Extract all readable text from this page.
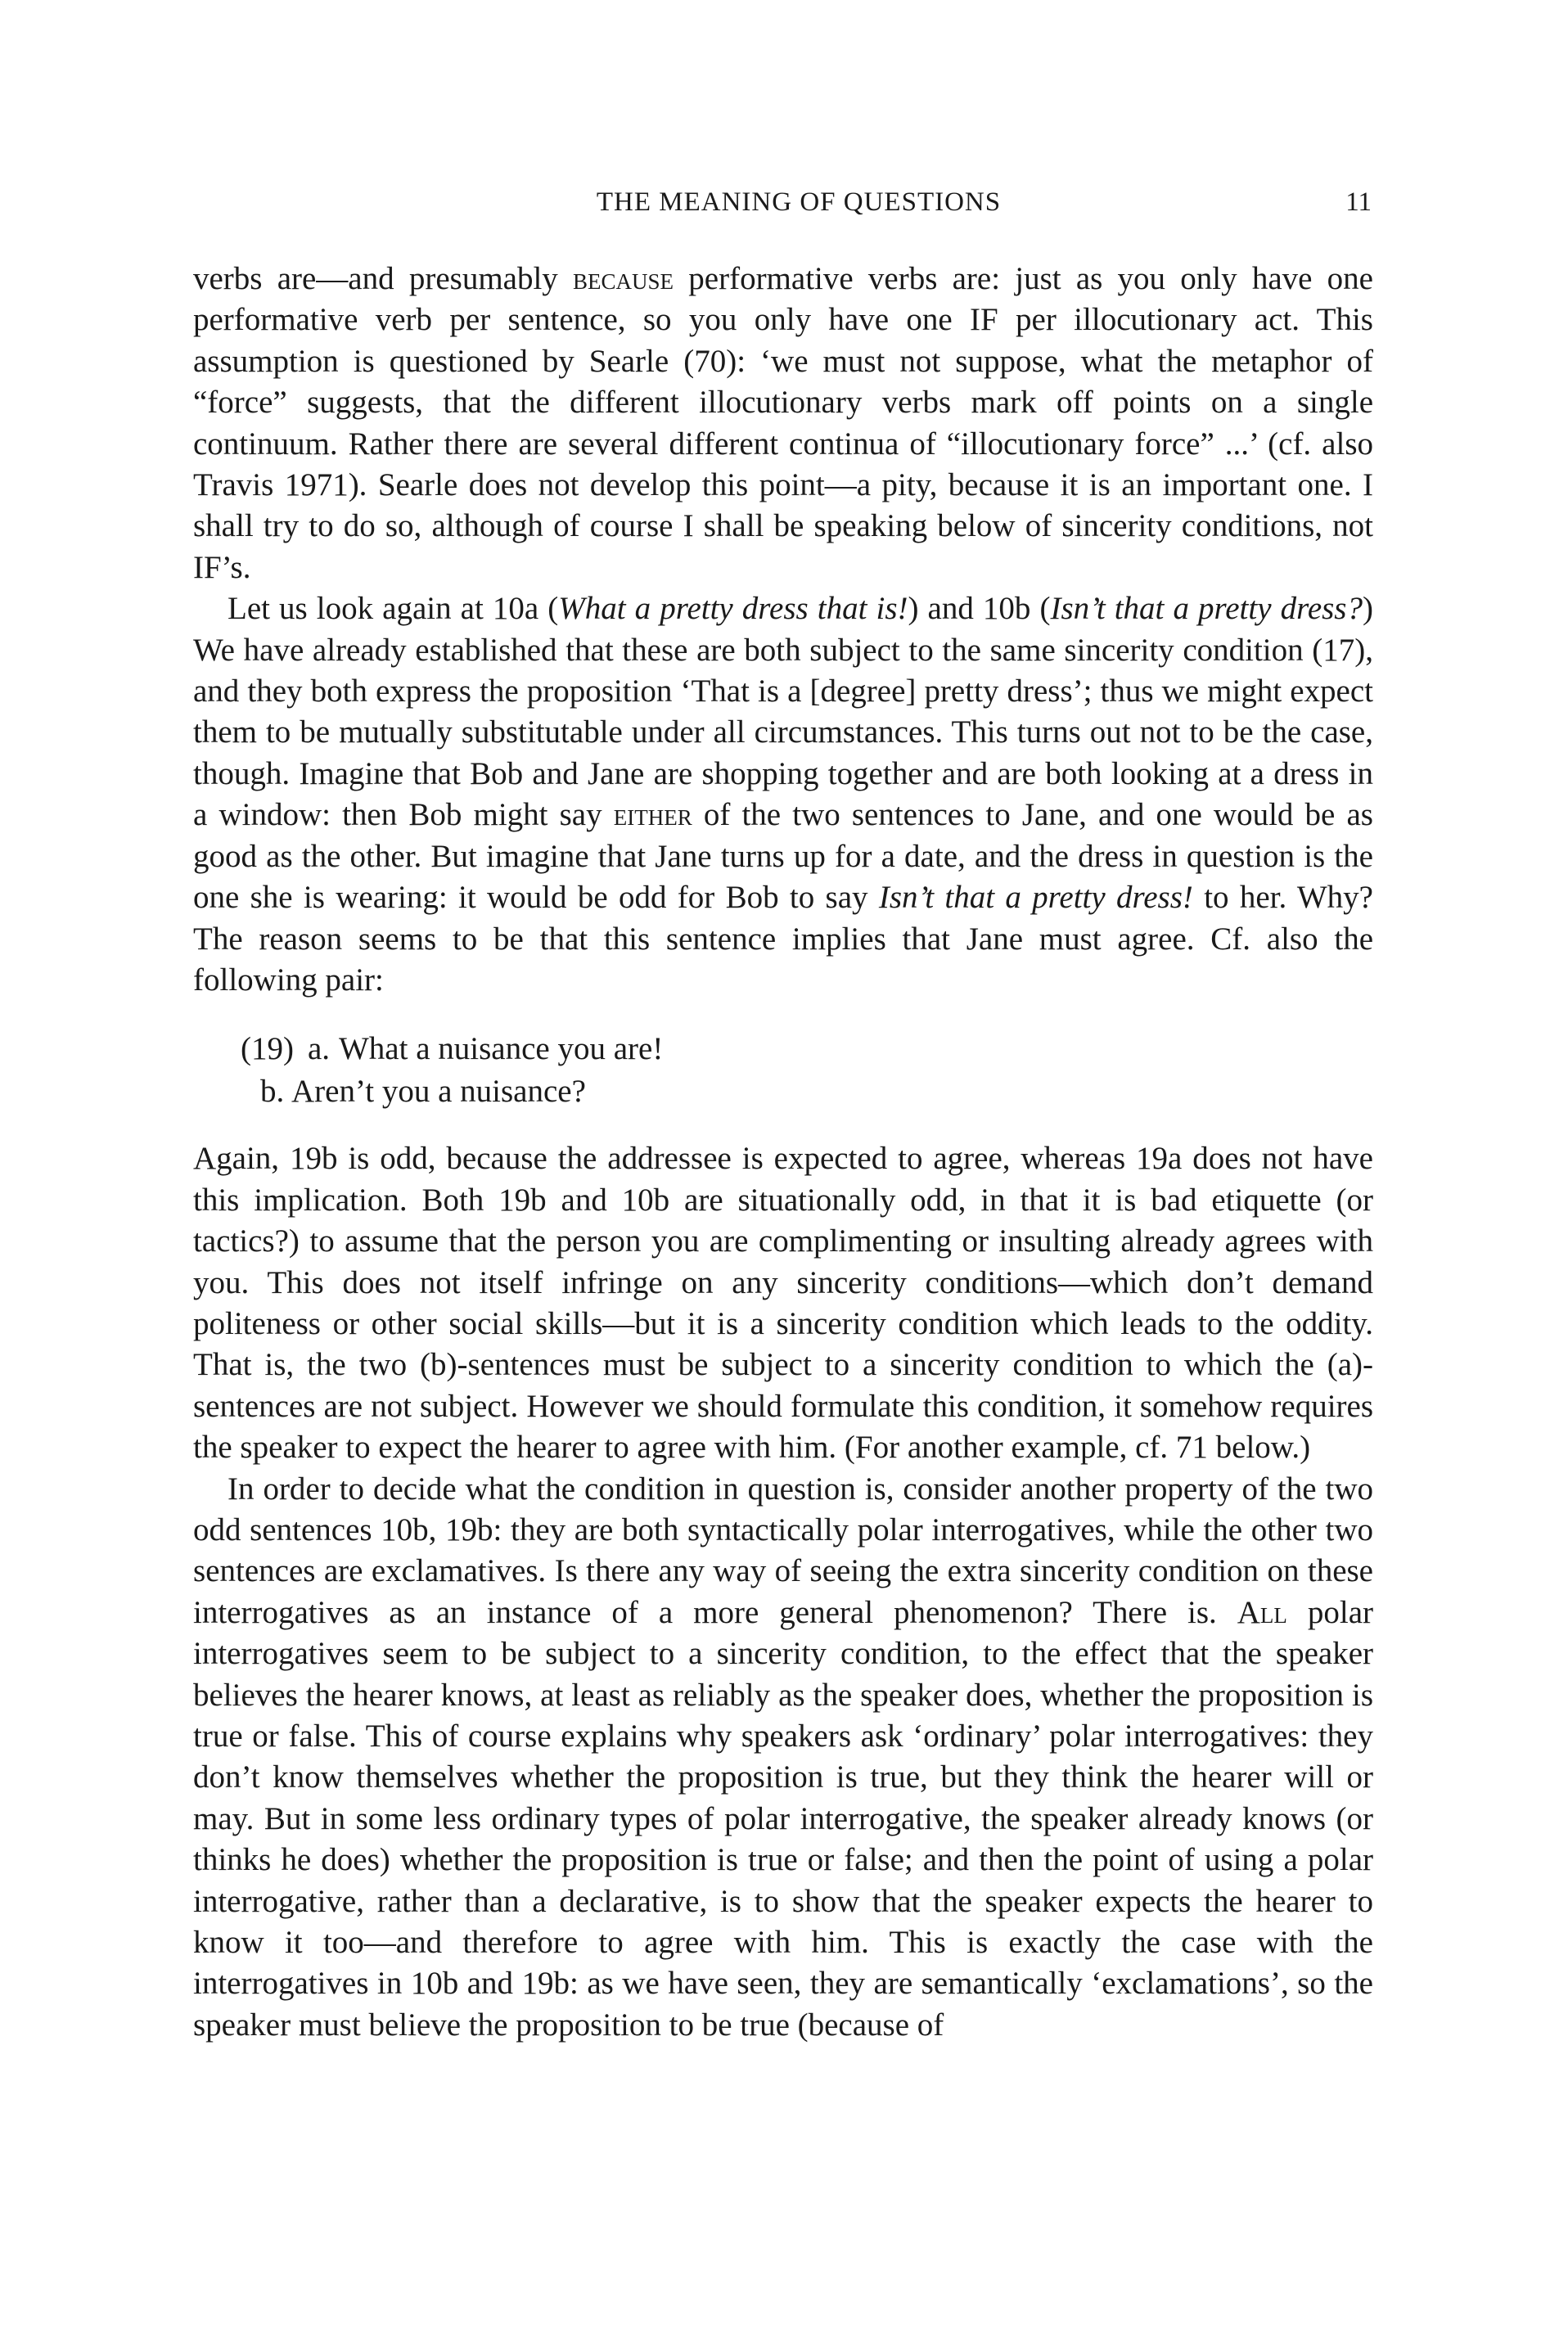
THE MEANING OF QUESTIONS	11

verbs are—and presumably because performative verbs are: just as you only have one performative verb per sentence, so you only have one IF per illocutionary act. This assumption is questioned by Searle (70): ‘we must not suppose, what the metaphor of “force” suggests, that the different illocutionary verbs mark off points on a single continuum. Rather there are several different continua of “illocutionary force” ...’ (cf. also Travis 1971). Searle does not develop this point—a pity, because it is an important one. I shall try to do so, although of course I shall be speaking below of sincerity conditions, not IF’s.

Let us look again at 10a (What a pretty dress that is!) and 10b (Isn’t that a pretty dress?) We have already established that these are both subject to the same sincerity condition (17), and they both express the proposition ‘That is a [degree] pretty dress’; thus we might expect them to be mutually substitutable under all circumstances. This turns out not to be the case, though. Imagine that Bob and Jane are shopping together and are both looking at a dress in a window: then Bob might say either of the two sentences to Jane, and one would be as good as the other. But imagine that Jane turns up for a date, and the dress in question is the one she is wearing: it would be odd for Bob to say Isn’t that a pretty dress! to her. Why? The reason seems to be that this sentence implies that Jane must agree. Cf. also the following pair:

(19) a. What a nuisance you are!
b. Aren’t you a nuisance?

Again, 19b is odd, because the addressee is expected to agree, whereas 19a does not have this implication. Both 19b and 10b are situationally odd, in that it is bad etiquette (or tactics?) to assume that the person you are complimenting or insulting already agrees with you. This does not itself infringe on any sincerity conditions—which don’t demand politeness or other social skills—but it is a sincerity condition which leads to the oddity. That is, the two (b)-sentences must be subject to a sincerity condition to which the (a)-sentences are not subject. However we should formulate this condition, it somehow requires the speaker to expect the hearer to agree with him. (For another example, cf. 71 below.)

In order to decide what the condition in question is, consider another property of the two odd sentences 10b, 19b: they are both syntactically polar interrogatives, while the other two sentences are exclamatives. Is there any way of seeing the extra sincerity condition on these interrogatives as an instance of a more general phenomenon? There is. All polar interrogatives seem to be subject to a sincerity condition, to the effect that the speaker believes the hearer knows, at least as reliably as the speaker does, whether the proposition is true or false. This of course explains why speakers ask ‘ordinary’ polar interrogatives: they don’t know themselves whether the proposition is true, but they think the hearer will or may. But in some less ordinary types of polar interrogative, the speaker already knows (or thinks he does) whether the proposition is true or false; and then the point of using a polar interrogative, rather than a declarative, is to show that the speaker expects the hearer to know it too—and therefore to agree with him. This is exactly the case with the interrogatives in 10b and 19b: as we have seen, they are semantically ‘exclamations’, so the speaker must believe the proposition to be true (because of
